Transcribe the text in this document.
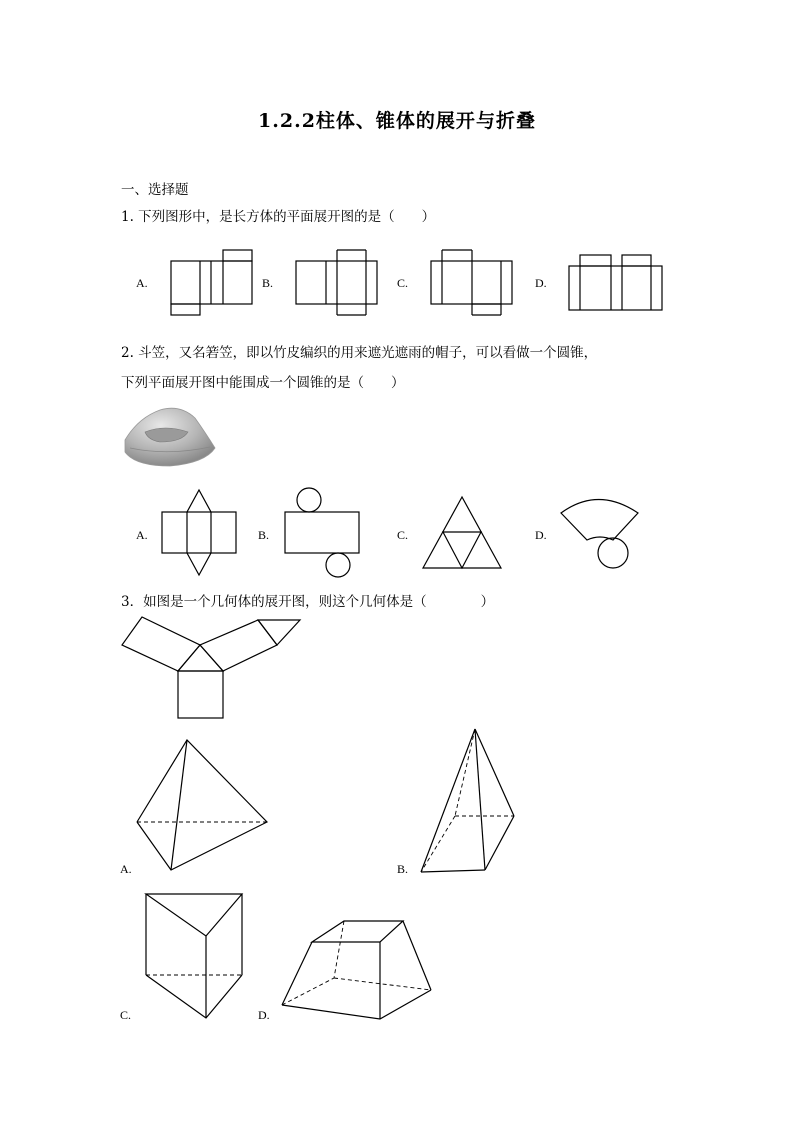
1.2.2柱体、锥体的展开与折叠
一、选择题
1. 下列图形中，是长方体的平面展开图的是（　　）
A.	B.	C.	D.
2. 斗笠，又名箬笠，即以竹皮编织的用来遮光遮雨的帽子，可以看做一个圆锥，
下列平面展开图中能围成一个圆锥的是（　　）
A.	B.	C.	D.
3．如图是一个几何体的展开图，则这个几何体是（　　　　）
A.	B.
C.	D.
